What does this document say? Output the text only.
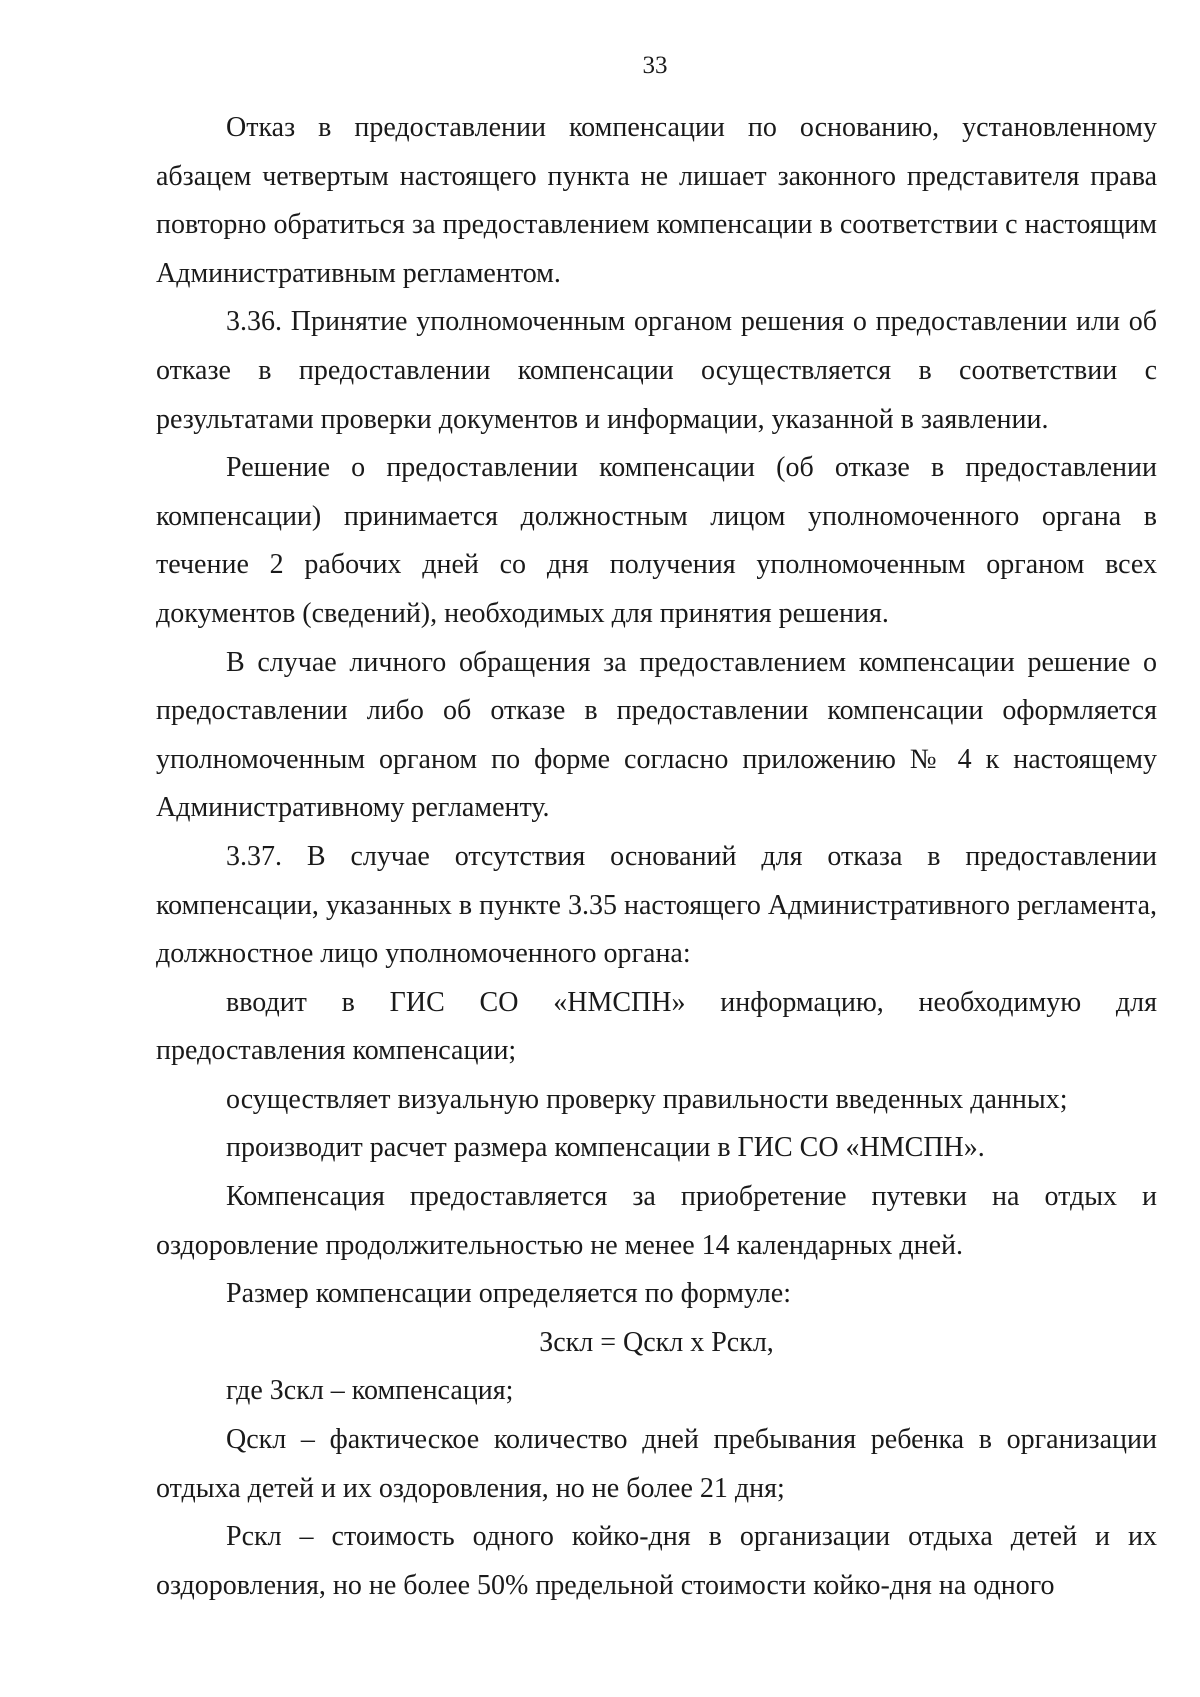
33

Отказ в предоставлении компенсации по основанию, установленному абзацем четвертым настоящего пункта не лишает законного представителя права повторно обратиться за предоставлением компенсации в соответствии с настоящим Административным регламентом.

3.36. Принятие уполномоченным органом решения о предоставлении или об отказе в предоставлении компенсации осуществляется в соответствии с результатами проверки документов и информации, указанной в заявлении.

Решение о предоставлении компенсации (об отказе в предоставлении компенсации) принимается должностным лицом уполномоченного органа в течение 2 рабочих дней со дня получения уполномоченным органом всех документов (сведений), необходимых для принятия решения.

В случае личного обращения за предоставлением компенсации решение о предоставлении либо об отказе в предоставлении компенсации оформляется уполномоченным органом по форме согласно приложению № 4 к настоящему Административному регламенту.

3.37. В случае отсутствия оснований для отказа в предоставлении компенсации, указанных в пункте 3.35 настоящего Административного регламента, должностное лицо уполномоченного органа:

вводит в ГИС СО «НМСПН» информацию, необходимую для предоставления компенсации;

осуществляет визуальную проверку правильности введенных данных;

производит расчет размера компенсации в ГИС СО «НМСПН».

Компенсация предоставляется за приобретение путевки на отдых и оздоровление продолжительностью не менее 14 календарных дней.

Размер компенсации определяется по формуле:

Зскл = Qскл x Рскл,

где Зскл – компенсация;

Qскл – фактическое количество дней пребывания ребенка в организации отдыха детей и их оздоровления, но не более 21 дня;

Рскл – стоимость одного койко-дня в организации отдыха детей и их оздоровления, но не более 50% предельной стоимости койко-дня на одного
